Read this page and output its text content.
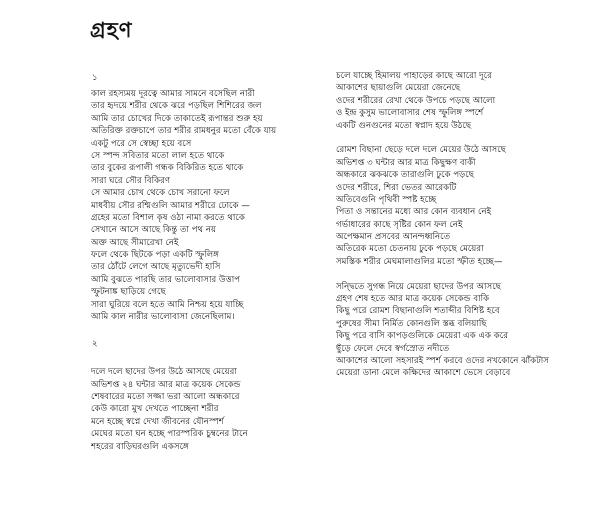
গ্রহণ
১
কাল রহস্যময় দূরত্বে আমার সামনে বসেছিল নারী
তার হৃদয়ে শরীর থেকে ঝরে পড়ছিল শিশিরের জল
আমি তার চোখের দিকে তাকাতেই রূপান্তর শুরু হয়
অতিরিক্ত রক্তচাপে তার শরীর রামধনুর মতো বেঁকে যায়
একটু পরে সে স্বেচ্ছা হয়ে বসে
সে স্পন্দ সবিতার মতো লাল হতে থাকে
তার বুকের রূপালী গন্ধক বিকিরিত হতে থাকে
সারা ঘরে সৌর বিকিরণ
সে আমার চোখ থেকে চোখ সরানো ফলে
মাধবীয় সৌর রশ্মিগুলি আমার শরীরে ঢোকে —
গ্রহের মতো বিশাল কৃষ ওঠা নামা করতে থাকে
সেখানে আসে আছে কিন্তু তা পথ নয়
অক্ত আছে সীমারেখা নেই
ফলে থেকে ছিটকে পড়া একটি স্ফুলিঙ্গ
তার ঠোঁটে লেগে আছে মৃত্যুভেদী হাসি
আমি বুঝতে পারছি তার ভালোবাসার উত্তাপ
স্ফুটনাঙ্ক ছাড়িয়ে গেছে
সারা ঘুরিয়ে বলে হতে আমি নিশ্চয় হয়ে যাচ্ছি
আমি কাল নারীর ভালোবাসা জেনেছিলাম।
২
দলে দলে ছাদের উপর উঠে আসছে মেয়েরা
অভিশপ্ত ২৪ ঘন্টার আর মাত্র কয়েক সেকেন্ড
শেষবারের মতো সজ্জা ভরা আলো অন্ধকারে
কেউ কারো মুখ দেখতে পাচ্ছেনা শরীর
মনে হচ্ছে স্বপ্নে দেখা জীবনের যৌনস্পর্শ
মেঘের মতো ঘন হচ্ছে পারস্পরিক চুম্বনের টানে
শহরের বাড়িঘরগুলি একসঙ্গে
চলে যাচ্ছে হিমালয় পাহাড়ের কাছে আরো দূরে
আকাশের ছায়াগুলি মেয়েরা জেনেছে
ওদের শরীরের রেখা থেকে উপচে পড়ছে আলো
ও ইন্দ্র কুসুম ভালোবাসার শেষ স্ফুলিঙ্গ স্পর্শে
একটি গুনগুনের মতো স্বপ্নাদ হয়ে উঠছে
রোমশ বিছানা ছেড়ে দলে দলে মেয়ের উঠে আসছে
অভিশপ্ত ৩ ঘন্টার আর মাত্র কিছুক্ষণ বাকী
অন্ধকারে ঝকঝকে তারাগুলি ঢুকে পড়ছে
ওদের শরীরে, শিরা ভেতর আরেকটি
অতিবেগুনি পৃথিবী স্পষ্ট হচ্ছে
পিতা ও সন্তানের মধ্যে আর কোন ব্যবধান নেই
গর্ভাধারের কাছে সৃষ্টির কোন ফল নেই
অপেক্ষমান প্রসবের আনন্দধ্বনিতে
অতিরেক মতো চেতনায় ঢুকে পড়ছে মেয়েরা
সমস্তিক শরীর মেঘমালাগুলির মতো স্ফীত হচ্ছে—
সন্দ্বিতে সুগন্ধ নিয়ে মেয়েরা ছাদের উপর আসছে
গ্রহণ শেষ হতে আর মাত্র কয়েক সেকেন্ড বাকি
কিছু পরে রোমশ বিছানাগুলি শতাব্দীর বিশিষ্ট হবে
পুরুষের সীমা নির্মিত কোনগুলি স্তব্ধ বলিয়াছি
কিছু পরে বাসি কাপড়গুলিকে মেয়েরা এক এক করে
ছুঁড়ে ফেলে দেবে স্বর্গস্রোত নদীতে
আকাশের আলো সহসারই স্পর্শ করবে ওদের নখকোনে ঝাঁকটাস
মেয়েরা ডানা মেলে কক্ষিদের আকাশে ভেসে বেড়াবে
